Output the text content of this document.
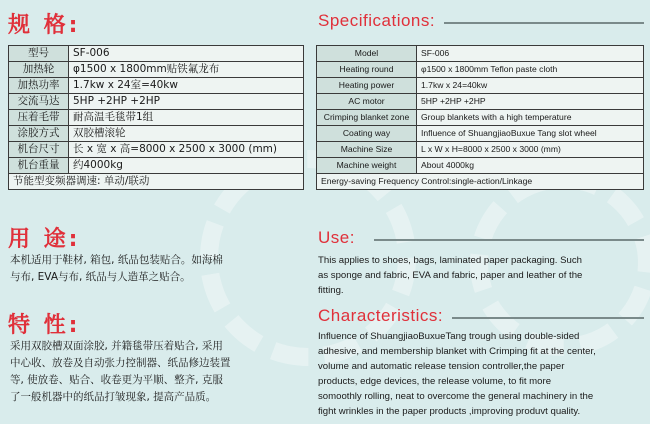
规 格:
型号	SF-006
加热轮	φ1500 x 1800mm贴铁氟龙布
加热功率	1.7kw x 24室=40kw
交流马达	5HP +2HP +2HP
压着毛带	耐高温毛毯带1组
涂胶方式	双胶槽滚轮
机台尺寸	长 x 宽 x 高=8000 x 2500 x 3000 (mm)
机台重量	约4000kg
节能型变频器调速: 单动/联动	
用 途:
本机适用于鞋材, 箱包, 纸品包装贴合。如海棉
与布, EVA与布, 纸品与人造革之贴合。
特 性:
采用双胶槽双面涂胶, 并籍毯带压着贴合, 采用
中心收、放卷及自动张力控制器、纸品修边装置
等, 使放卷、贴合、收卷更为平顺、整齐, 克服
了一般机器中的纸品打皱现象, 提高产品质。
Specifications:
Model	SF-006
Heating round	φ1500 x 1800mm Teflon paste cloth
Heating power	1.7kw x 24=40kw
AC motor	5HP +2HP +2HP
Crimping blanket zone	Group blankets with a high temperature
Coating way	Influence of ShuangjiaoBuxue Tang slot wheel
Machine Size	L x W x H=8000 x 2500 x 3000 (mm)
Machine weight	About 4000kg
Energy-saving Frequency Control:single-action/Linkage	
Use:
This applies to shoes, bags, laminated paper packaging. Such
as sponge and fabric, EVA and fabric, paper and leather of the
fitting.
Characteristics:
Influence of ShuangjiaoBuxueTang trough using double-sided
adhesive, and membership blanket with Crimping fit at the center,
volume and automatic release tension controller,the paper
products, edge devices, the release volume, to fit more
somoothly rolling, neat to overcome the general machinery in the
fight wrinkles in the paper products ,improving produvt quality.
